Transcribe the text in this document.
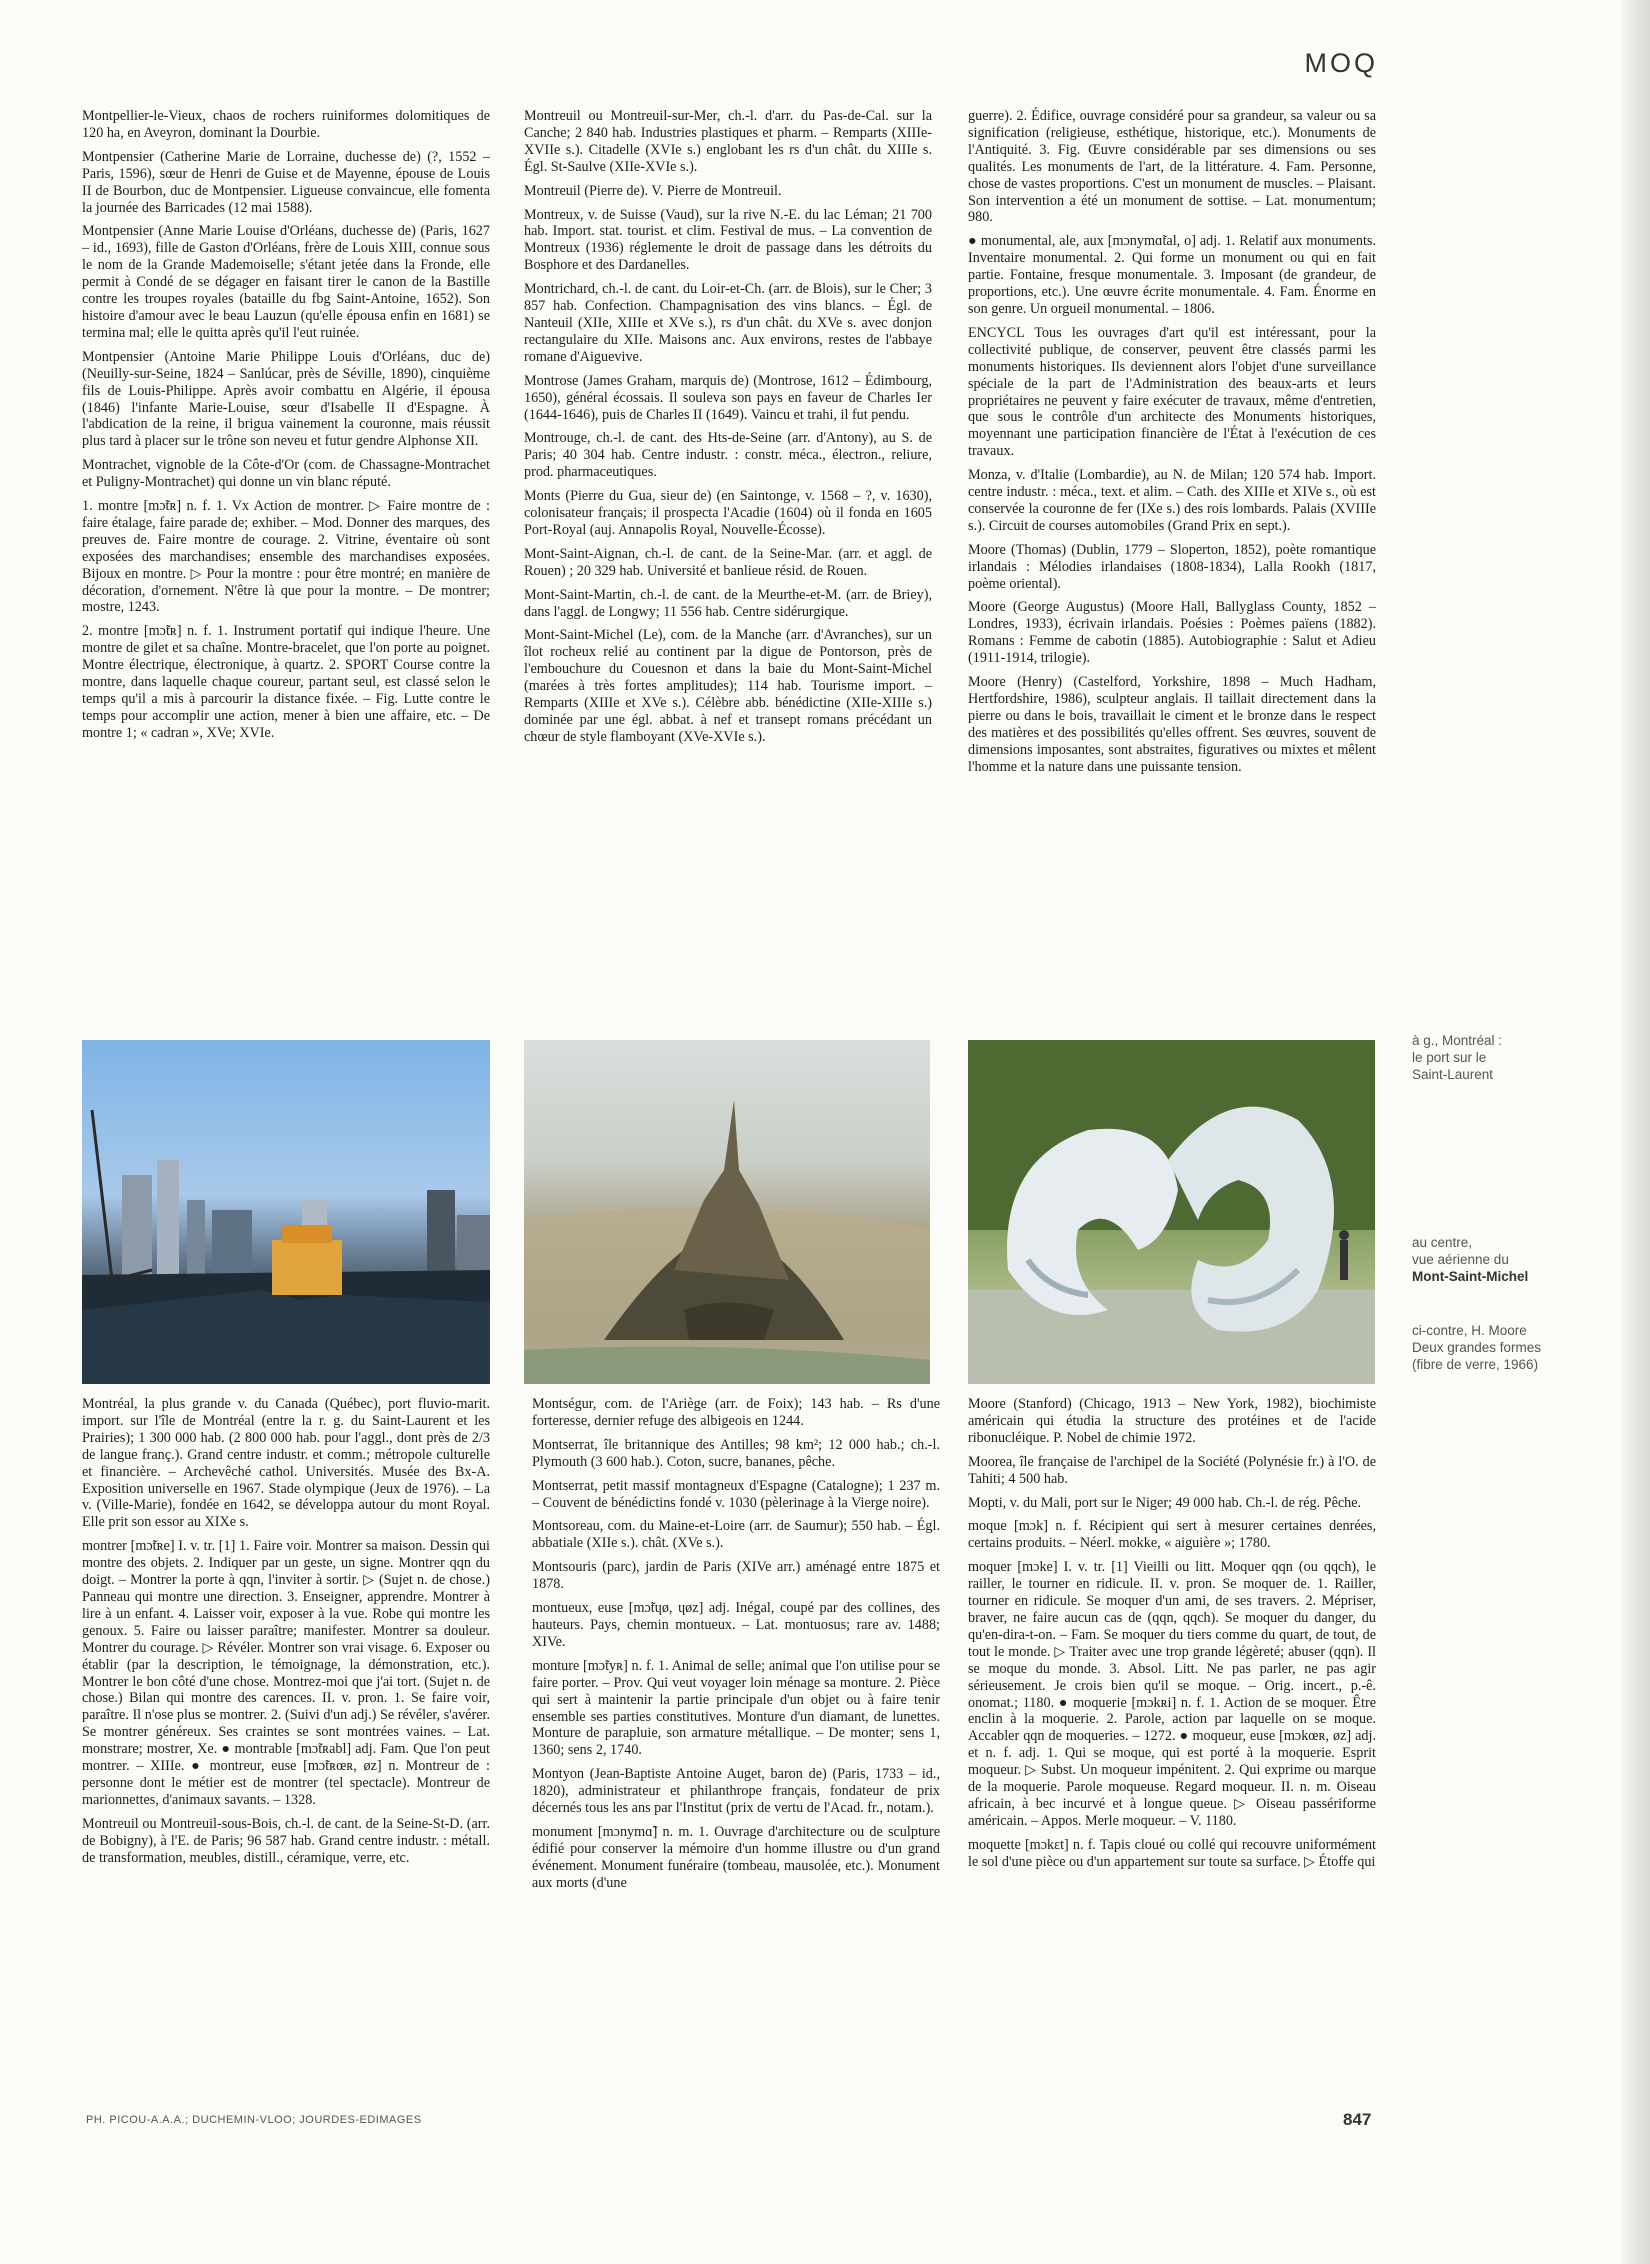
MOQ

Montpellier-le-Vieux, chaos de rochers ruiniformes dolomitiques de 120 ha, en Aveyron, dominant la Dourbie.

Montpensier (Catherine Marie de Lorraine, duchesse de) (?, 1552 – Paris, 1596), sœur de Henri de Guise et de Mayenne, épouse de Louis II de Bourbon, duc de Montpensier. Ligueuse convaincue, elle fomenta la journée des Barricades (12 mai 1588).

Montpensier (Anne Marie Louise d'Orléans, duchesse de) (Paris, 1627 – id., 1693), fille de Gaston d'Orléans, frère de Louis XIII, connue sous le nom de la Grande Mademoiselle; s'étant jetée dans la Fronde, elle permit à Condé de se dégager en faisant tirer le canon de la Bastille contre les troupes royales (bataille du fbg Saint-Antoine, 1652). Son histoire d'amour avec le beau Lauzun (qu'elle épousa enfin en 1681) se termina mal; elle le quitta après qu'il l'eut ruinée.

Montpensier (Antoine Marie Philippe Louis d'Orléans, duc de) (Neuilly-sur-Seine, 1824 – Sanlúcar, près de Séville, 1890), cinquième fils de Louis-Philippe. Après avoir combattu en Algérie, il épousa (1846) l'infante Marie-Louise, sœur d'Isabelle II d'Espagne. À l'abdication de la reine, il brigua vainement la couronne, mais réussit plus tard à placer sur le trône son neveu et futur gendre Alphonse XII.

Montrachet, vignoble de la Côte-d'Or (com. de Chassagne-Montrachet et Puligny-Montrachet) qui donne un vin blanc réputé.

1. montre [mɔ̃tʀ] n. f. 1. Vx Action de montrer. ▷ Faire montre de : faire étalage, faire parade de; exhiber. – Mod. Donner des marques, des preuves de. Faire montre de courage. 2. Vitrine, éventaire où sont exposées des marchandises; ensemble des marchandises exposées. Bijoux en montre. ▷ Pour la montre : pour être montré; en manière de décoration, d'ornement. N'être là que pour la montre. – De montrer; mostre, 1243.

2. montre [mɔ̃tʀ] n. f. 1. Instrument portatif qui indique l'heure. Une montre de gilet et sa chaîne. Montre-bracelet, que l'on porte au poignet. Montre électrique, électronique, à quartz. 2. SPORT Course contre la montre, dans laquelle chaque coureur, partant seul, est classé selon le temps qu'il a mis à parcourir la distance fixée. – Fig. Lutte contre le temps pour accomplir une action, mener à bien une affaire, etc. – De montre 1; « cadran », XVe; XVIe.

Montreuil ou Montreuil-sur-Mer, ch.-l. d'arr. du Pas-de-Cal. sur la Canche; 2 840 hab. Industries plastiques et pharm. – Remparts (XIIIe-XVIIe s.). Citadelle (XVIe s.) englobant les rs d'un chât. du XIIIe s. Égl. St-Saulve (XIIe-XVIe s.).

Montreuil (Pierre de). V. Pierre de Montreuil.

Montreux, v. de Suisse (Vaud), sur la rive N.-E. du lac Léman; 21 700 hab. Import. stat. tourist. et clim. Festival de mus. – La convention de Montreux (1936) réglemente le droit de passage dans les détroits du Bosphore et des Dardanelles.

Montrichard, ch.-l. de cant. du Loir-et-Ch. (arr. de Blois), sur le Cher; 3 857 hab. Confection. Champagnisation des vins blancs. – Égl. de Nanteuil (XIIe, XIIIe et XVe s.), rs d'un chât. du XVe s. avec donjon rectangulaire du XIIe. Maisons anc. Aux environs, restes de l'abbaye romane d'Aiguevive.

Montrose (James Graham, marquis de) (Montrose, 1612 – Édimbourg, 1650), général écossais. Il souleva son pays en faveur de Charles Ier (1644-1646), puis de Charles II (1649). Vaincu et trahi, il fut pendu.

Montrouge, ch.-l. de cant. des Hts-de-Seine (arr. d'Antony), au S. de Paris; 40 304 hab. Centre industr. : constr. méca., électron., reliure, prod. pharmaceutiques.

Monts (Pierre du Gua, sieur de) (en Saintonge, v. 1568 – ?, v. 1630), colonisateur français; il prospecta l'Acadie (1604) où il fonda en 1605 Port-Royal (auj. Annapolis Royal, Nouvelle-Écosse).

Mont-Saint-Aignan, ch.-l. de cant. de la Seine-Mar. (arr. et aggl. de Rouen) ; 20 329 hab. Université et banlieue résid. de Rouen.

Mont-Saint-Martin, ch.-l. de cant. de la Meurthe-et-M. (arr. de Briey), dans l'aggl. de Longwy; 11 556 hab. Centre sidérurgique.

Mont-Saint-Michel (Le), com. de la Manche (arr. d'Avranches), sur un îlot rocheux relié au continent par la digue de Pontorson, près de l'embouchure du Couesnon et dans la baie du Mont-Saint-Michel (marées à très fortes amplitudes); 114 hab. Tourisme import. – Remparts (XIIIe et XVe s.). Célèbre abb. bénédictine (XIIe-XIIIe s.) dominée par une égl. abbat. à nef et transept romans précédant un chœur de style flamboyant (XVe-XVIe s.).

guerre). 2. Édifice, ouvrage considéré pour sa grandeur, sa valeur ou sa signification (religieuse, esthétique, historique, etc.). Monuments de l'Antiquité. 3. Fig. Œuvre considérable par ses dimensions ou ses qualités. Les monuments de l'art, de la littérature. 4. Fam. Personne, chose de vastes proportions. C'est un monument de muscles. – Plaisant. Son intervention a été un monument de sottise. – Lat. monumentum; 980.

● monumental, ale, aux [mɔnymɑ̃tal, o] adj. 1. Relatif aux monuments. Inventaire monumental. 2. Qui forme un monument ou qui en fait partie. Fontaine, fresque monumentale. 3. Imposant (de grandeur, de proportions, etc.). Une œuvre écrite monumentale. 4. Fam. Énorme en son genre. Un orgueil monumental. – 1806.

ENCYCL Tous les ouvrages d'art qu'il est intéressant, pour la collectivité publique, de conserver, peuvent être classés parmi les monuments historiques. Ils deviennent alors l'objet d'une surveillance spéciale de la part de l'Administration des beaux-arts et leurs propriétaires ne peuvent y faire exécuter de travaux, même d'entretien, que sous le contrôle d'un architecte des Monuments historiques, moyennant une participation financière de l'État à l'exécution de ces travaux.

Monza, v. d'Italie (Lombardie), au N. de Milan; 120 574 hab. Import. centre industr. : méca., text. et alim. – Cath. des XIIIe et XIVe s., où est conservée la couronne de fer (IXe s.) des rois lombards. Palais (XVIIIe s.). Circuit de courses automobiles (Grand Prix en sept.).

Moore (Thomas) (Dublin, 1779 – Sloperton, 1852), poète romantique irlandais : Mélodies irlandaises (1808-1834), Lalla Rookh (1817, poème oriental).

Moore (George Augustus) (Moore Hall, Ballyglass County, 1852 – Londres, 1933), écrivain irlandais. Poésies : Poèmes païens (1882). Romans : Femme de cabotin (1885). Autobiographie : Salut et Adieu (1911-1914, trilogie).

Moore (Henry) (Castelford, Yorkshire, 1898 – Much Hadham, Hertfordshire, 1986), sculpteur anglais. Il taillait directement dans la pierre ou dans le bois, travaillait le ciment et le bronze dans le respect des matières et des possibilités qu'elles offrent. Ses œuvres, souvent de dimensions imposantes, sont abstraites, figuratives ou mixtes et mêlent l'homme et la nature dans une puissante tension.

à g., Montréal :
le port sur le
Saint-Laurent
au centre,
vue aérienne du
Mont-Saint-Michel
ci-contre, H. Moore
Deux grandes formes
(fibre de verre, 1966)

Montréal, la plus grande v. du Canada (Québec), port fluvio-marit. import. sur l'île de Montréal (entre la r. g. du Saint-Laurent et les Prairies); 1 300 000 hab. (2 800 000 hab. pour l'aggl., dont près de 2/3 de langue franç.). Grand centre industr. et comm.; métropole culturelle et financière. – Archevêché cathol. Universités. Musée des Bx-A. Exposition universelle en 1967. Stade olympique (Jeux de 1976). – La v. (Ville-Marie), fondée en 1642, se développa autour du mont Royal. Elle prit son essor au XIXe s.

montrer [mɔ̃tʀe] I. v. tr. [1] 1. Faire voir. Montrer sa maison. Dessin qui montre des objets. 2. Indiquer par un geste, un signe. Montrer qqn du doigt. – Montrer la porte à qqn, l'inviter à sortir. ▷ (Sujet n. de chose.) Panneau qui montre une direction. 3. Enseigner, apprendre. Montrer à lire à un enfant. 4. Laisser voir, exposer à la vue. Robe qui montre les genoux. 5. Faire ou laisser paraître; manifester. Montrer sa douleur. Montrer du courage. ▷ Révéler. Montrer son vrai visage. 6. Exposer ou établir (par la description, le témoignage, la démonstration, etc.). Montrer le bon côté d'une chose. Montrez-moi que j'ai tort. (Sujet n. de chose.) Bilan qui montre des carences. II. v. pron. 1. Se faire voir, paraître. Il n'ose plus se montrer. 2. (Suivi d'un adj.) Se révéler, s'avérer. Se montrer généreux. Ses craintes se sont montrées vaines. – Lat. monstrare; mostrer, Xe. ● montrable [mɔ̃tʀabl] adj. Fam. Que l'on peut montrer. – XIIIe. ● montreur, euse [mɔ̃tʀœʀ, øz] n. Montreur de : personne dont le métier est de montrer (tel spectacle). Montreur de marionnettes, d'animaux savants. – 1328.

Montreuil ou Montreuil-sous-Bois, ch.-l. de cant. de la Seine-St-D. (arr. de Bobigny), à l'E. de Paris; 96 587 hab. Grand centre industr. : métall. de transformation, meubles, distill., céramique, verre, etc.

Montségur, com. de l'Ariège (arr. de Foix); 143 hab. – Rs d'une forteresse, dernier refuge des albigeois en 1244.

Montserrat, île britannique des Antilles; 98 km²; 12 000 hab.; ch.-l. Plymouth (3 600 hab.). Coton, sucre, bananes, pêche.

Montserrat, petit massif montagneux d'Espagne (Catalogne); 1 237 m. – Couvent de bénédictins fondé v. 1030 (pèlerinage à la Vierge noire).

Montsoreau, com. du Maine-et-Loire (arr. de Saumur); 550 hab. – Égl. abbatiale (XIIe s.). chât. (XVe s.).

Montsouris (parc), jardin de Paris (XIVe arr.) aménagé entre 1875 et 1878.

montueux, euse [mɔ̃tɥø, ɥøz] adj. Inégal, coupé par des collines, des hauteurs. Pays, chemin montueux. – Lat. montuosus; rare av. 1488; XIVe.

monture [mɔ̃tyʀ] n. f. 1. Animal de selle; animal que l'on utilise pour se faire porter. – Prov. Qui veut voyager loin ménage sa monture. 2. Pièce qui sert à maintenir la partie principale d'un objet ou à faire tenir ensemble ses parties constitutives. Monture d'un diamant, de lunettes. Monture de parapluie, son armature métallique. – De monter; sens 1, 1360; sens 2, 1740.

Montyon (Jean-Baptiste Antoine Auget, baron de) (Paris, 1733 – id., 1820), administrateur et philanthrope français, fondateur de prix décernés tous les ans par l'Institut (prix de vertu de l'Acad. fr., notam.).

monument [mɔnymɑ̃] n. m. 1. Ouvrage d'architecture ou de sculpture édifié pour conserver la mémoire d'un homme illustre ou d'un grand événement. Monument funéraire (tombeau, mausolée, etc.). Monument aux morts (d'une

Moore (Stanford) (Chicago, 1913 – New York, 1982), biochimiste américain qui étudia la structure des protéines et de l'acide ribonucléique. P. Nobel de chimie 1972.

Moorea, île française de l'archipel de la Société (Polynésie fr.) à l'O. de Tahiti; 4 500 hab.

Mopti, v. du Mali, port sur le Niger; 49 000 hab. Ch.-l. de rég. Pêche.

moque [mɔk] n. f. Récipient qui sert à mesurer certaines denrées, certains produits. – Néerl. mokke, « aiguière »; 1780.

moquer [mɔke] I. v. tr. [1] Vieilli ou litt. Moquer qqn (ou qqch), le railler, le tourner en ridicule. II. v. pron. Se moquer de. 1. Railler, tourner en ridicule. Se moquer d'un ami, de ses travers. 2. Mépriser, braver, ne faire aucun cas de (qqn, qqch). Se moquer du danger, du qu'en-dira-t-on. – Fam. Se moquer du tiers comme du quart, de tout, de tout le monde. ▷ Traiter avec une trop grande légèreté; abuser (qqn). Il se moque du monde. 3. Absol. Litt. Ne pas parler, ne pas agir sérieusement. Je crois bien qu'il se moque. – Orig. incert., p.-ê. onomat.; 1180. ● moquerie [mɔkʀi] n. f. 1. Action de se moquer. Être enclin à la moquerie. 2. Parole, action par laquelle on se moque. Accabler qqn de moqueries. – 1272. ● moqueur, euse [mɔkœʀ, øz] adj. et n. f. adj. 1. Qui se moque, qui est porté à la moquerie. Esprit moqueur. ▷ Subst. Un moqueur impénitent. 2. Qui exprime ou marque de la moquerie. Parole moqueuse. Regard moqueur. II. n. m. Oiseau africain, à bec incurvé et à longue queue. ▷ Oiseau passériforme américain. – Appos. Merle moqueur. – V. 1180.

moquette [mɔkɛt] n. f. Tapis cloué ou collé qui recouvre uniformément le sol d'une pièce ou d'un appartement sur toute sa surface. ▷ Étoffe qui

PH. PICOU-A.A.A.; DUCHEMIN-VLOO; JOURDES-EDIMAGES	847
